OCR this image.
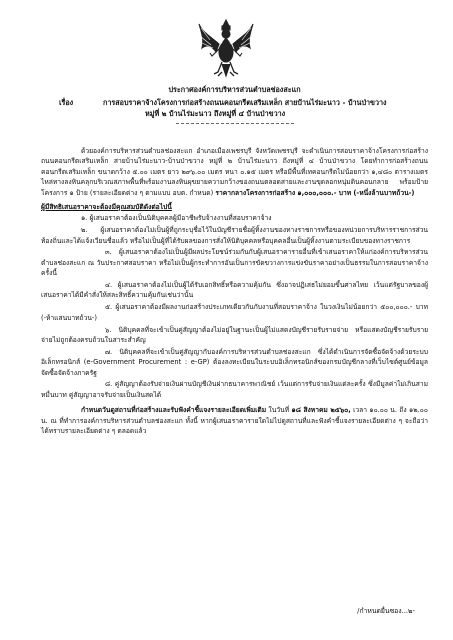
ประกาศองค์การบริหารส่วนตำบลช่องสะแก
เรื่อง	การสอบราคาจ้างโครงการก่อสร้างถนนคอนกรีตเสริมเหล็ก สายบ้านไร่มะนาว - บ้านป่าขวาง
หมู่ที่ ๒ บ้านไร่มะนาว ถึงหมู่ที่ ๔ บ้านป่าขวาง

ด้วยองค์การบริหารส่วนตำบลช่องสะแก อำเภอเมืองเพชรบุรี จังหวัดเพชรบุรี จะดำเนินการสอบราคาจ้างโครงการก่อสร้างถนนคอนกรีตเสริมเหล็ก สายบ้านไร่มะนาว-บ้านป่าขวาง หมู่ที่ ๒ บ้านไร่มะนาว ถึงหมู่ที่ ๔ บ้านป่าขวาง โดยทำการก่อสร้างถนนคอนกรีตเสริมเหล็ก ขนาดกว้าง ๕.๐๐ เมตร ยาว ๒๙๖.๐๐ เมตร หนา ๐.๑๕ เมตร หรือมีพื้นที่เทคอนกรีตไม่น้อยกว่า ๑,๔๘๐ ตารางเมตร ไหล่ทางลงหินคลุกบริเวณสภาพพื้นที่พร้อมงานลงหินผุขยายความกว้างของถนนตลอดสายและงานขุดลอกหนุ่มดินคอนกลาย พร้อมป้ายโครงการ ๑ ป้าย (รายละเอียดต่าง ๆ ตามแบบ อบต. กำหนด) ราคากลางโครงการก่อสร้าง ๑,๐๐๐,๐๐๐.- บาท (-หนึ่งล้านบาทถ้วน-)

ผู้มีสิทธิเสนอราคาจะต้องมีคุณสมบัติดังต่อไปนี้

๑. ผู้เสนอราคาต้องเป็นนิติบุคคลผู้มีอาชีพรับจ้างงานที่สอบราคาจ้าง

๒. ผู้เสนอราคาต้องไม่เป็นผู้ที่ถูกระบุชื่อไว้ในบัญชีรายชื่อผู้ทิ้งงานของทางราชการหรือของหน่วยการบริหารราชการส่วนท้องถิ่นและได้แจ้งเวียนชื่อแล้ว หรือไม่เป็นผู้ที่ได้รับผลของการสั่งให้นิติบุคคลหรือบุคคลอื่นเป็นผู้ทิ้งงานตามระเบียบของทางราชการ

๓. ผู้เสนอราคาต้องไม่เป็นผู้มีผลประโยชน์ร่วมกันกับผู้เสนอราคารายอื่นที่เข้าเสนอราคาให้แก่องค์การบริหารส่วนตำบลช่องสะแก ณ วันประกาศสอบราคา หรือไม่เป็นผู้กระทำการอันเป็นการขัดขวางการแข่งขันราคาอย่างเป็นธรรมในการสอบราคาจ้างครั้งนี้

๔. ผู้เสนอราคาต้องไม่เป็นผู้ได้รับเอกสิทธิ์หรือความคุ้มกัน ซึ่งอาจปฏิเสธไม่ยอมขึ้นศาลไทย เว้นแต่รัฐบาลของผู้เสนอราคาได้มีคำสั่งให้สละสิทธิ์ความคุ้มกันเช่นว่านั้น

๕. ผู้เสนอราคาต้องมีผลงานก่อสร้างประเภทเดียวกันกับงานที่สอบราคาจ้าง ในวงเงินไม่น้อยกว่า ๕๐๐,๐๐๐.- บาท (-ห้าแสนบาทถ้วน-)

๖. นิติบุคคลที่จะเข้าเป็นคู่สัญญาต้องไม่อยู่ในฐานะเป็นผู้ไม่แสดงบัญชีรายรับรายจ่าย หรือแสดงบัญชีรายรับรายจ่ายไม่ถูกต้องครบถ้วนในสาระสำคัญ

๗. นิติบุคคลที่จะเข้าเป็นคู่สัญญากับองค์การบริหารส่วนตำบลช่องสะแก ซึ่งได้ดำเนินการจัดซื้อจัดจ้างด้วยระบบอิเล็กทรอนิกส์ (e-Government Procurement : e-GP) ต้องลงทะเบียนในระบบอิเล็กทรอนิกส์ของกรมบัญชีกลางที่เว็บไซต์ศูนย์ข้อมูลจัดซื้อจัดจ้างภาครัฐ

๘. คู่สัญญาต้องรับจ่ายเงินผ่านบัญชีเงินฝากธนาคารพาณิชย์ เว้นแต่การรับจ่ายเงินแต่ละครั้ง ซึ่งมีมูลค่าไม่เกินสามหมื่นบาท คู่สัญญาอาจรับจ่ายเป็นเงินสดได้

กำหนดวันดูสถานที่ก่อสร้างและรับฟังคำชี้แจงรายละเอียดเพิ่มเติม ในวันที่ ๑๘ สิงหาคม ๒๕๖๐, เวลา ๑๐.๐๐ น. ถึง ๑๒.๐๐ น. ณ ที่ทำการองค์การบริหารส่วนตำบลช่องสะแก ทั้งนี้ หากผู้เสนอราคารายใดไม่ไปดูสถานที่และฟังคำชี้แจงรายละเอียดต่าง ๆ จะถือว่าได้ทราบรายละเอียดต่าง ๆ ตลอดแล้ว

/กำหนดยื่นซอง...๒-
